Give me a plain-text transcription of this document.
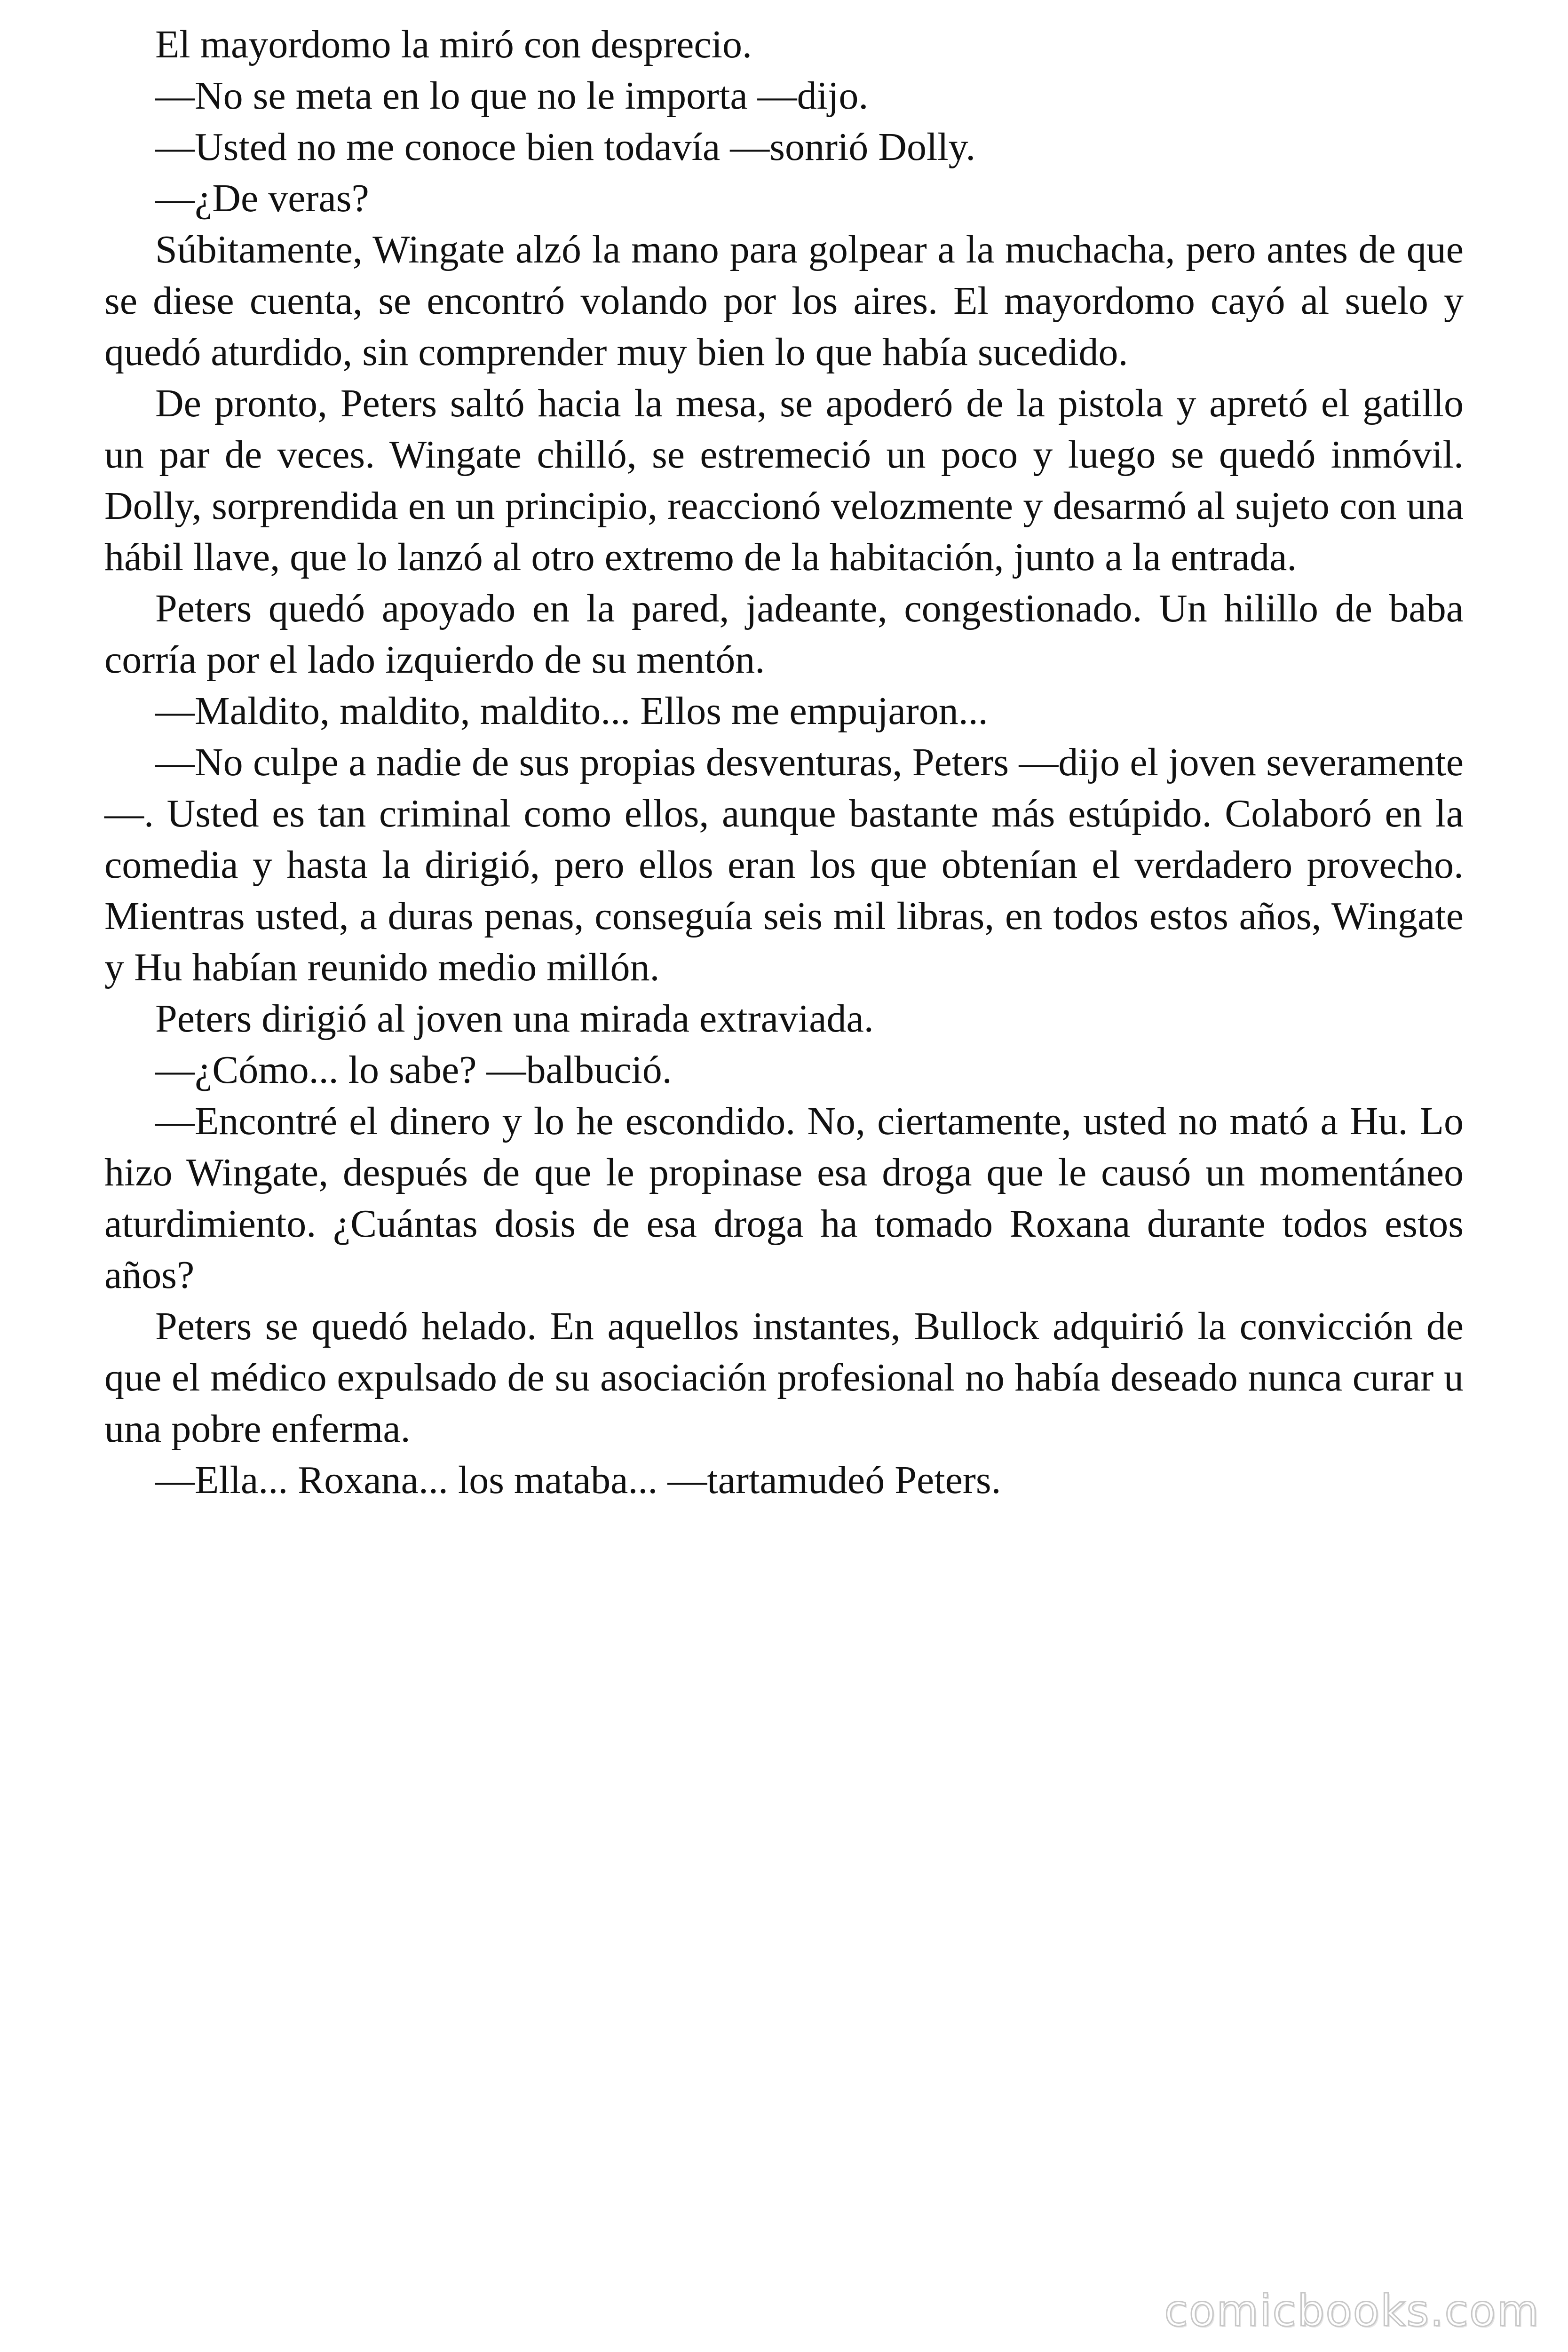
El mayordomo la miró con desprecio.

—No se meta en lo que no le importa —dijo.

—Usted no me conoce bien todavía —sonrió Dolly.

—¿De veras?

Súbitamente, Wingate alzó la mano para golpear a la muchacha, pero antes de que se diese cuenta, se encontró volando por los aires. El mayordomo cayó al suelo y quedó aturdido, sin comprender muy bien lo que había sucedido.

De pronto, Peters saltó hacia la mesa, se apoderó de la pistola y apretó el gatillo un par de veces. Wingate chilló, se estremeció un poco y luego se quedó inmóvil. Dolly, sorprendida en un principio, reaccionó velozmente y desarmó al sujeto con una hábil llave, que lo lanzó al otro extremo de la habitación, junto a la entrada.

Peters quedó apoyado en la pared, jadeante, congestionado. Un hilillo de baba corría por el lado izquierdo de su mentón.

—Maldito, maldito, maldito... Ellos me empujaron...

—No culpe a nadie de sus propias desventuras, Peters —dijo el joven severamente—. Usted es tan criminal como ellos, aunque bastante más estúpido. Colaboró en la comedia y hasta la dirigió, pero ellos eran los que obtenían el verdadero provecho. Mientras usted, a duras penas, conseguía seis mil libras, en todos estos años, Wingate y Hu habían reunido medio millón.

Peters dirigió al joven una mirada extraviada.

—¿Cómo... lo sabe? —balbució.

—Encontré el dinero y lo he escondido. No, ciertamente, usted no mató a Hu. Lo hizo Wingate, después de que le propinase esa droga que le causó un momentáneo aturdimiento. ¿Cuántas dosis de esa droga ha tomado Roxana durante todos estos años?

Peters se quedó helado. En aquellos instantes, Bullock adquirió la convicción de que el médico expulsado de su asociación profesional no había deseado nunca curar u una pobre enferma.

—Ella... Roxana... los mataba... —tartamudeó Peters.

comicbooks.com
